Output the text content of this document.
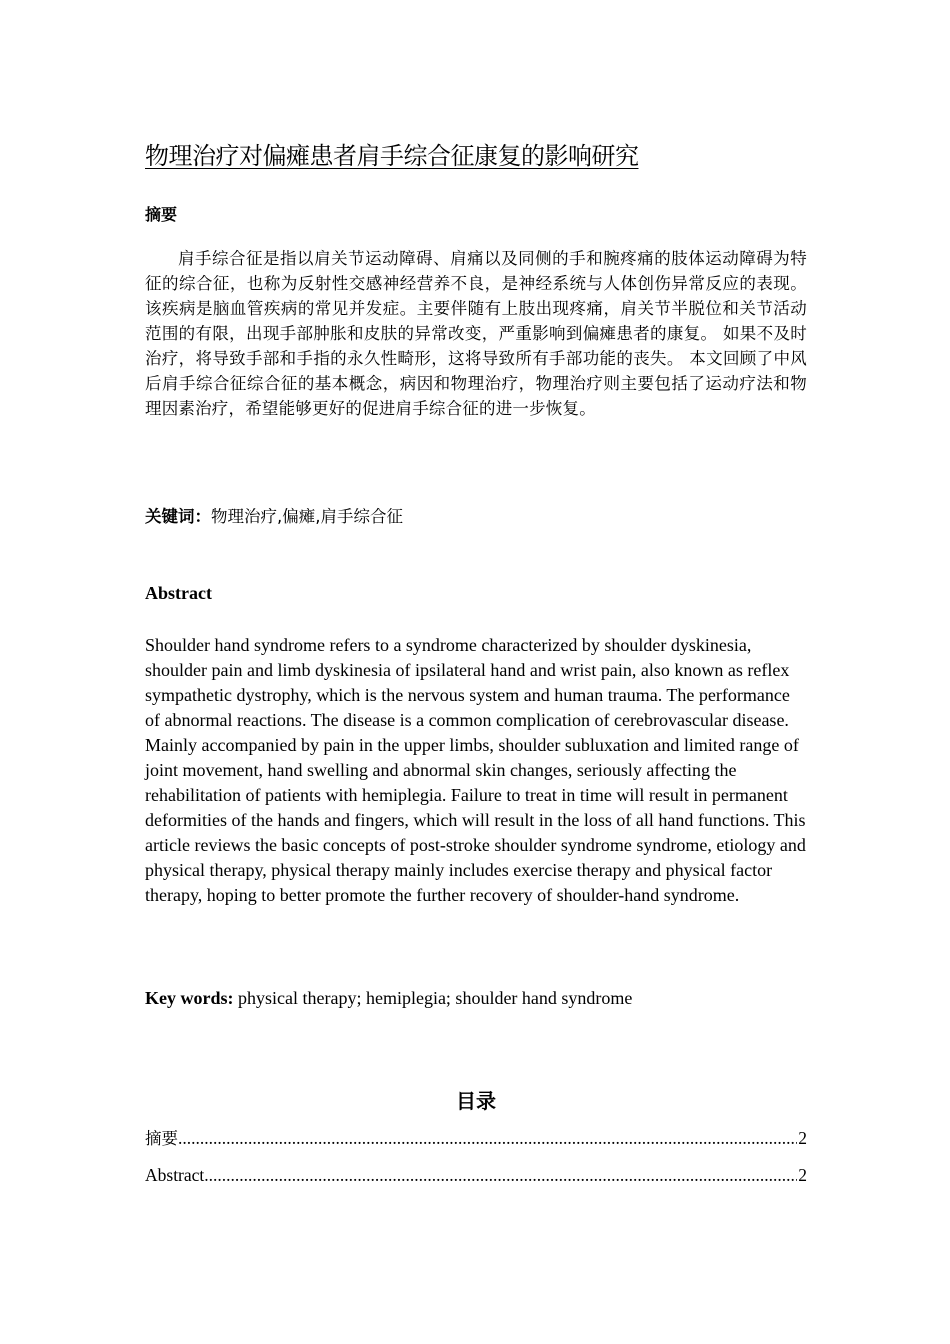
物理治疗对偏瘫患者肩手综合征康复的影响研究
摘要

肩手综合征是指以肩关节运动障碍、肩痛以及同侧的手和腕疼痛的肢体运动障碍为特征的综合征，也称为反射性交感神经营养不良，是神经系统与人体创伤异常反应的表现。 该疾病是脑血管疾病的常见并发症。主要伴随有上肢出现疼痛，肩关节半脱位和关节活动范围的有限，出现手部肿胀和皮肤的异常改变，严重影响到偏瘫患者的康复。 如果不及时治疗，将导致手部和手指的永久性畸形，这将导致所有手部功能的丧失。 本文回顾了中风后肩手综合征综合征的基本概念，病因和物理治疗，物理治疗则主要包括了运动疗法和物理因素治疗，希望能够更好的促进肩手综合征的进一步恢复。

关键词：物理治疗,偏瘫,肩手综合征

Abstract

Shoulder hand syndrome refers to a syndrome characterized by shoulder dyskinesia, shoulder pain and limb dyskinesia of ipsilateral hand and wrist pain, also known as reflex sympathetic dystrophy, which is the nervous system and human trauma. The performance of abnormal reactions. The disease is a common complication of cerebrovascular disease. Mainly accompanied by pain in the upper limbs, shoulder subluxation and limited range of joint movement, hand swelling and abnormal skin changes, seriously affecting the rehabilitation of patients with hemiplegia. Failure to treat in time will result in permanent deformities of the hands and fingers, which will result in the loss of all hand functions. This article reviews the basic concepts of post-stroke shoulder syndrome syndrome, etiology and physical therapy, physical therapy mainly includes exercise therapy and physical factor therapy, hoping to better promote the further recovery of shoulder-hand syndrome.

Key words: physical therapy; hemiplegia; shoulder hand syndrome

目录
摘要 .....	2
Abstract .....	2
